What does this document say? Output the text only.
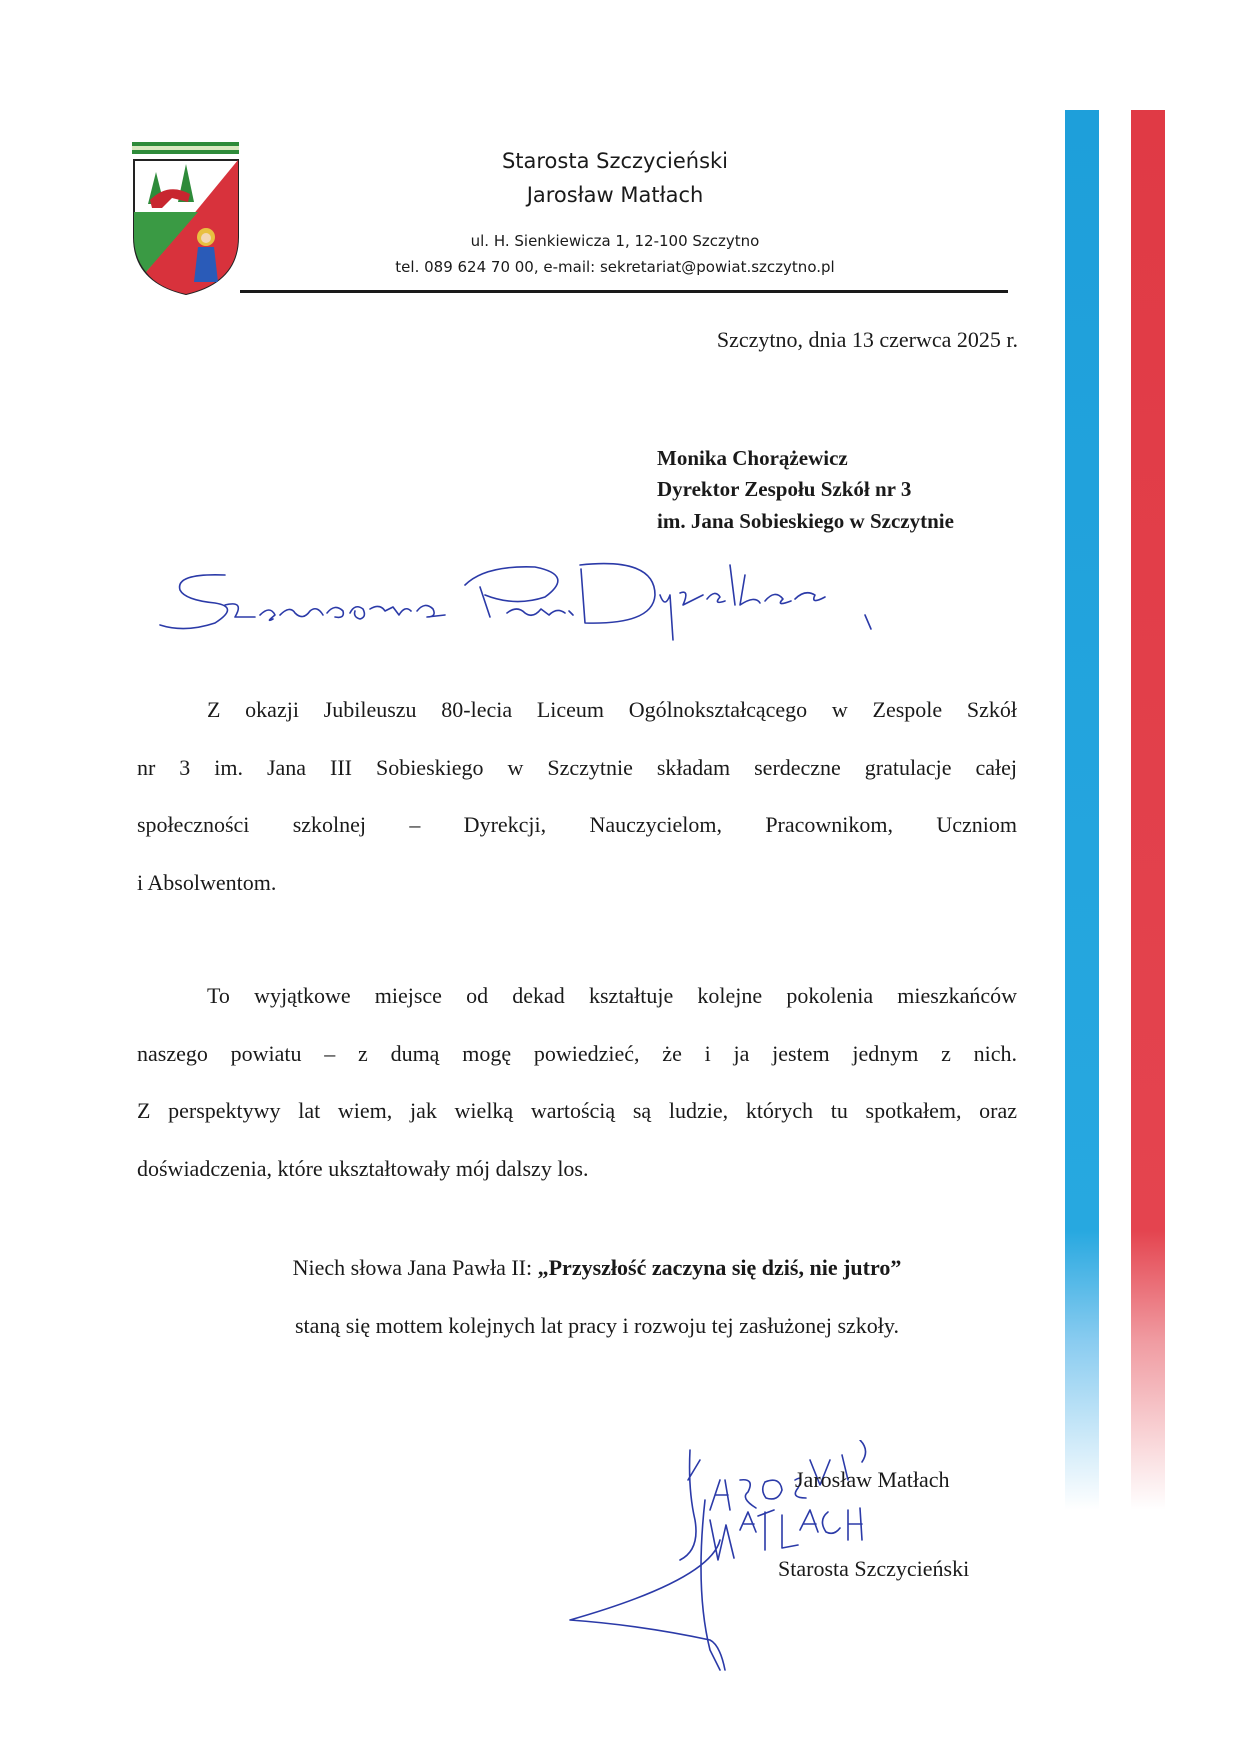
Starosta Szczycieński
Jarosław Matłach
ul. H. Sienkiewicza 1, 12-100 Szczytno
tel. 089 624 70 00, e-mail: sekretariat@powiat.szczytno.pl
Szczytno, dnia 13 czerwca 2025 r.
Monika Chorążewicz
Dyrektor Zespołu Szkół nr 3
im. Jana Sobieskiego w Szczytnie
Z okazji Jubileuszu 80-lecia Liceum Ogólnokształcącego w Zespole Szkół
nr 3 im. Jana III Sobieskiego w Szczytnie składam serdeczne gratulacje całej
społeczności szkolnej – Dyrekcji, Nauczycielom, Pracownikom, Uczniom
i Absolwentom.
To wyjątkowe miejsce od dekad kształtuje kolejne pokolenia mieszkańców
naszego powiatu – z dumą mogę powiedzieć, że i ja jestem jednym z nich.
Z perspektywy lat wiem, jak wielką wartością są ludzie, których tu spotkałem, oraz
doświadczenia, które ukształtowały mój dalszy los.
Niech słowa Jana Pawła II: „Przyszłość zaczyna się dziś, nie jutro”
staną się mottem kolejnych lat pracy i rozwoju tej zasłużonej szkoły.
Jarosław Matłach
Starosta Szczycieński
